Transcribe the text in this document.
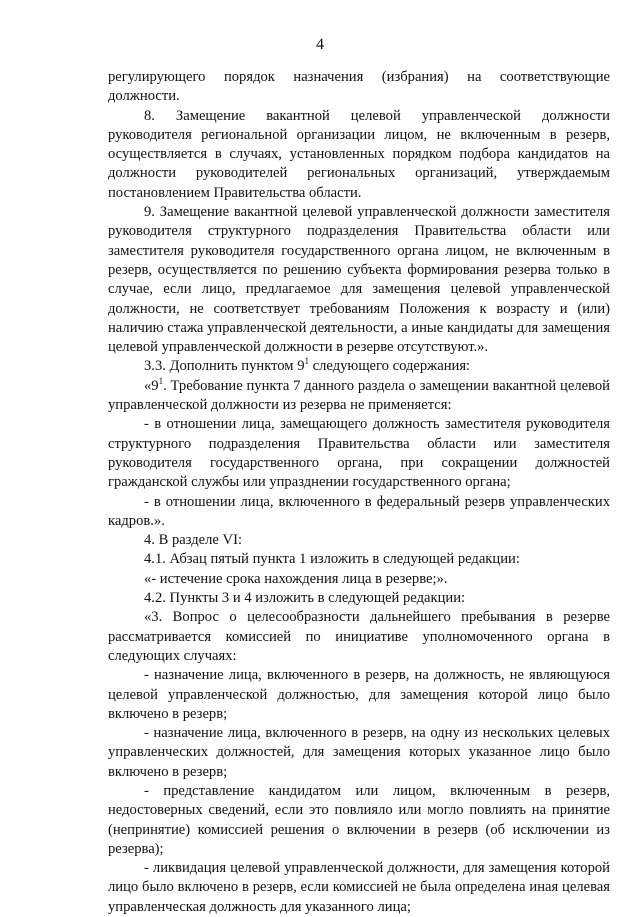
4

регулирующего порядок назначения (избрания) на соответствующие должности.

8. Замещение вакантной целевой управленческой должности руководителя региональной организации лицом, не включенным в резерв, осуществляется в случаях, установленных порядком подбора кандидатов на должности руководителей региональных организаций, утверждаемым постановлением Правительства области.

9. Замещение вакантной целевой управленческой должности заместителя руководителя структурного подразделения Правительства области или заместителя руководителя государственного органа лицом, не включенным в резерв, осуществляется по решению субъекта формирования резерва только в случае, если лицо, предлагаемое для замещения целевой управленческой должности, не соответствует требованиям Положения к возрасту и (или) наличию стажа управленческой деятельности, а иные кандидаты для замещения целевой управленческой должности в резерве отсутствуют.».

3.3. Дополнить пунктом $9^1$ следующего содержания:

«$9^1$. Требование пункта 7 данного раздела о замещении вакантной целевой управленческой должности из резерва не применяется:

- в отношении лица, замещающего должность заместителя руководителя структурного подразделения Правительства области или заместителя руководителя государственного органа, при сокращении должностей гражданской службы или упразднении государственного органа;

- в отношении лица, включенного в федеральный резерв управленческих кадров.».

4. В разделе VI:

4.1. Абзац пятый пункта 1 изложить в следующей редакции:

«- истечение срока нахождения лица в резерве;».

4.2. Пункты 3 и 4 изложить в следующей редакции:

«3. Вопрос о целесообразности дальнейшего пребывания в резерве рассматривается комиссией по инициативе уполномоченного органа в следующих случаях:

- назначение лица, включенного в резерв, на должность, не являющуюся целевой управленческой должностью, для замещения которой лицо было включено в резерв;

- назначение лица, включенного в резерв, на одну из нескольких целевых управленческих должностей, для замещения которых указанное лицо было включено в резерв;

- представление кандидатом или лицом, включенным в резерв, недостоверных сведений, если это повлияло или могло повлиять на принятие (непринятие) комиссией решения о включении в резерв (об исключении из резерва);

- ликвидация целевой управленческой должности, для замещения которой лицо было включено в резерв, если комиссией не была определена иная целевая управленческая должность для указанного лица;
